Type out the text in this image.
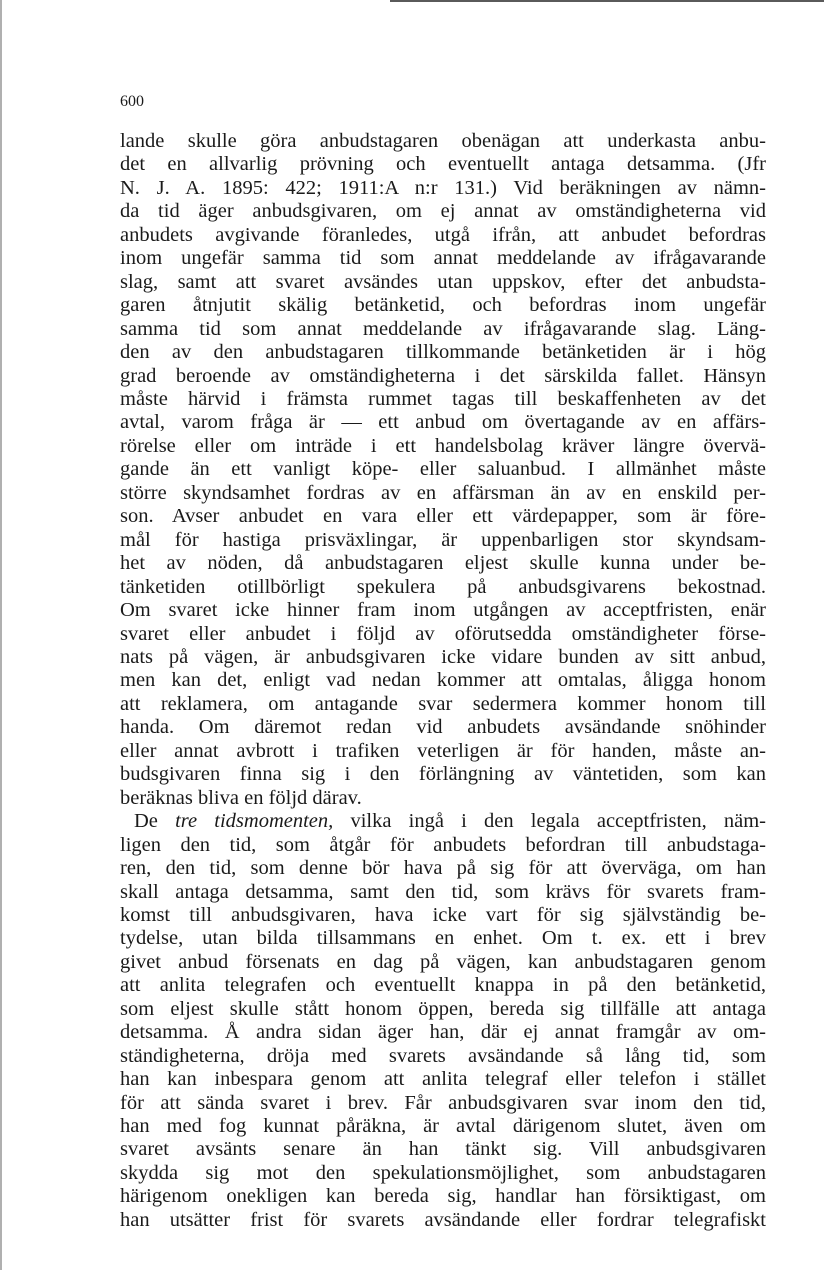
600
lande skulle göra anbudstagaren obenägan att underkasta anbu-
det en allvarlig prövning och eventuellt antaga detsamma. (Jfr
N. J. A. 1895: 422; 1911:A n:r 131.) Vid beräkningen av nämn-
da tid äger anbudsgivaren, om ej annat av omständigheterna vid
anbudets avgivande föranledes, utgå ifrån, att anbudet befordras
inom ungefär samma tid som annat meddelande av ifrågavarande
slag, samt att svaret avsändes utan uppskov, efter det anbudsta-
garen åtnjutit skälig betänketid, och befordras inom ungefär
samma tid som annat meddelande av ifrågavarande slag. Läng-
den av den anbudstagaren tillkommande betänketiden är i hög
grad beroende av omständigheterna i det särskilda fallet. Hänsyn
måste härvid i främsta rummet tagas till beskaffenheten av det
avtal, varom fråga är — ett anbud om övertagande av en affärs-
rörelse eller om inträde i ett handelsbolag kräver längre övervä-
gande än ett vanligt köpe- eller saluanbud. I allmänhet måste
större skyndsamhet fordras av en affärsman än av en enskild per-
son. Avser anbudet en vara eller ett värdepapper, som är före-
mål för hastiga prisväxlingar, är uppenbarligen stor skyndsam-
het av nöden, då anbudstagaren eljest skulle kunna under be-
tänketiden otillbörligt spekulera på anbudsgivarens bekostnad.
Om svaret icke hinner fram inom utgången av acceptfristen, enär
svaret eller anbudet i följd av oförutsedda omständigheter förse-
nats på vägen, är anbudsgivaren icke vidare bunden av sitt anbud,
men kan det, enligt vad nedan kommer att omtalas, åligga honom
att reklamera, om antagande svar sedermera kommer honom till
handa. Om däremot redan vid anbudets avsändande snöhinder
eller annat avbrott i trafiken veterligen är för handen, måste an-
budsgivaren finna sig i den förlängning av väntetiden, som kan
beräknas bliva en följd därav.
De tre tidsmomenten, vilka ingå i den legala acceptfristen, näm-
ligen den tid, som åtgår för anbudets befordran till anbudstaga-
ren, den tid, som denne bör hava på sig för att överväga, om han
skall antaga detsamma, samt den tid, som krävs för svarets fram-
komst till anbudsgivaren, hava icke vart för sig självständig be-
tydelse, utan bilda tillsammans en enhet. Om t. ex. ett i brev
givet anbud försenats en dag på vägen, kan anbudstagaren genom
att anlita telegrafen och eventuellt knappa in på den betänketid,
som eljest skulle stått honom öppen, bereda sig tillfälle att antaga
detsamma. Å andra sidan äger han, där ej annat framgår av om-
ständigheterna, dröja med svarets avsändande så lång tid, som
han kan inbespara genom att anlita telegraf eller telefon i stället
för att sända svaret i brev. Får anbudsgivaren svar inom den tid,
han med fog kunnat påräkna, är avtal därigenom slutet, även om
svaret avsänts senare än han tänkt sig. Vill anbudsgivaren
skydda sig mot den spekulationsmöjlighet, som anbudstagaren
härigenom onekligen kan bereda sig, handlar han försiktigast, om
han utsätter frist för svarets avsändande eller fordrar telegrafiskt
